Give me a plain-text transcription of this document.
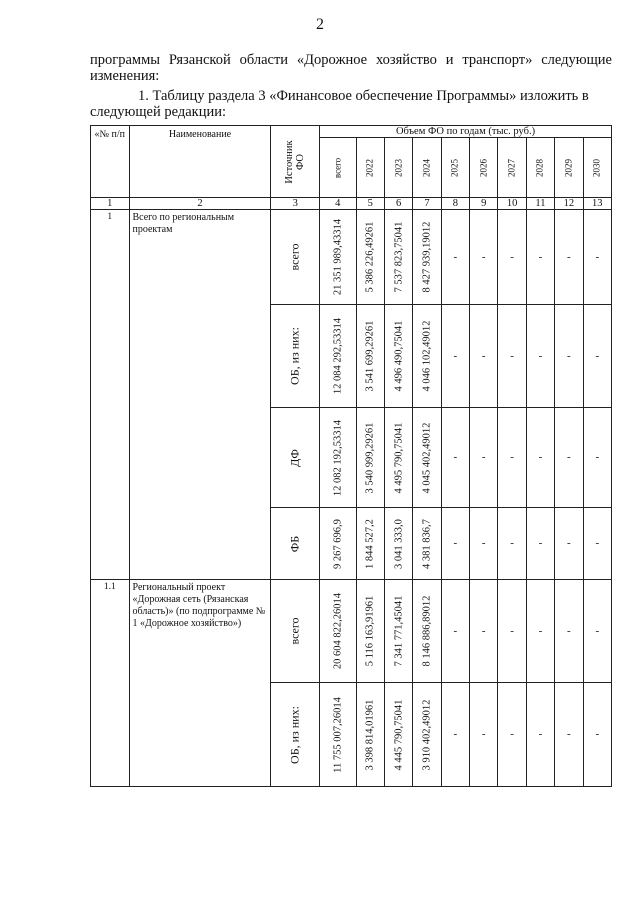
2
программы Рязанской области «Дорожное хозяйство и транспорт» следующие изменения:
1. Таблицу раздела 3 «Финансовое обеспечение Программы» изложить в
следующей редакции:
«№ п/п	Наименование	Источник ФО	Объем ФО по годам (тыс. руб.)									

			всего	2022	2023	2024	2025	2026	2027	2028	2029	2030

1	2	3	4	5	6	7	8	9	10	11	12	13
1	Всего по региональным проектам	всего	21 351 989,43314	5 386 226,49261	7 537 823,75041	8 427 939,19012	-	-	-	-	-	-

		ОБ, из них:	12 084 292,53314	3 541 699,29261	4 496 490,75041	4 046 102,49012	-	-	-	-	-	-

		ДФ	12 082 192,53314	3 540 999,29261	4 495 790,75041	4 045 402,49012	-	-	-	-	-	-

		ФБ	9 267 696,9	1 844 527,2	3 041 333,0	4 381 836,7	-	-	-	-	-	-
1.1	Региональный проект «Дорожная сеть (Рязанская область)» (по подпрограмме № 1 «Дорожное хозяйство»)	всего	20 604 822,26014	5 116 163,91961	7 341 771,45041	8 146 886,89012	-	-	-	-	-	-

		ОБ, из них:	11 755 007,26014	3 398 814,01961	4 445 790,75041	3 910 402,49012	-	-	-	-	-	-
